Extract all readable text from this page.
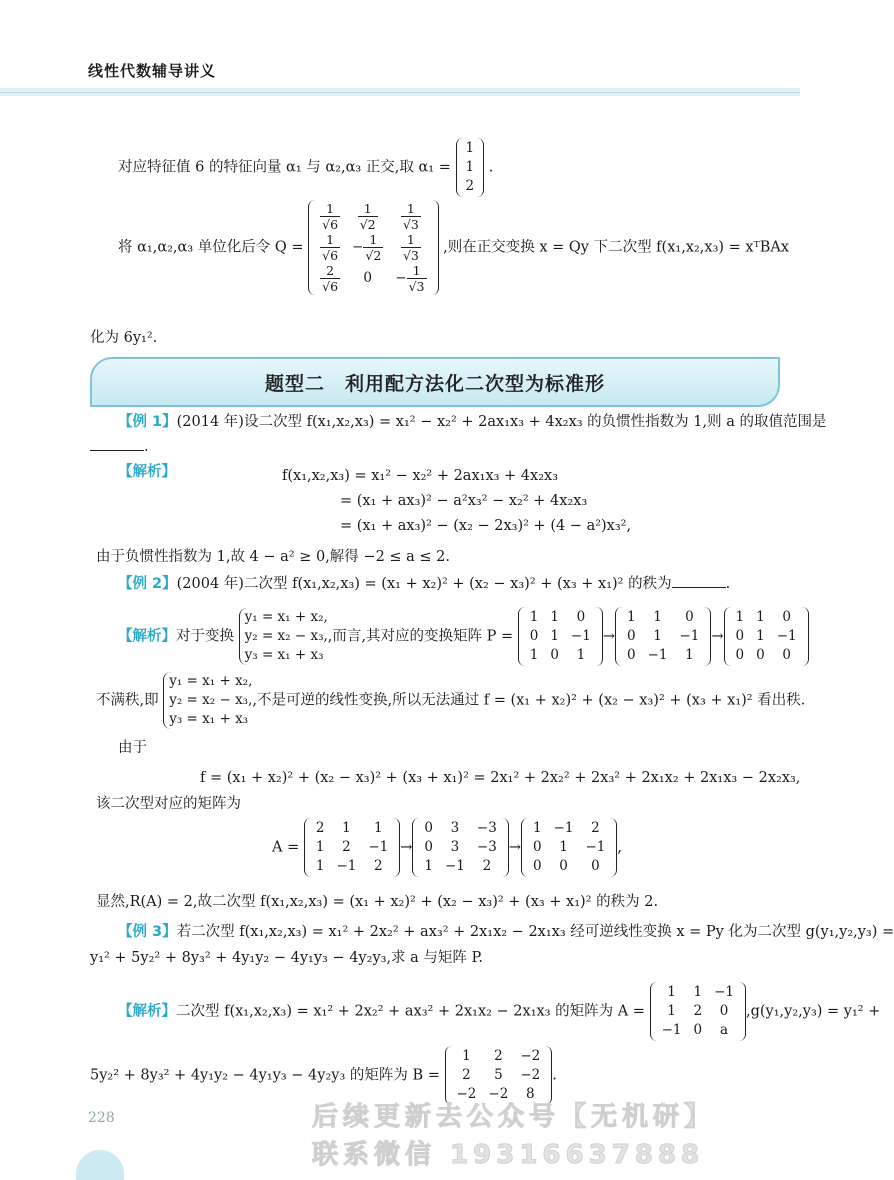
线性代数辅导讲义
对应特征值 6 的特征向量 α₁ 与 α₂,α₃ 正交,取 α₁ =
1
1
2
.
将 α₁,α₂,α₃ 单位化后令 Q =
$\frac{1}{√6}$	$\frac{1}{√2}$	$\frac{1}{√3}$

$\frac{1}{√6}$	− $\frac{1}{√2}$	$\frac{1}{√3}$

$\frac{2}{√6}$	0	− $\frac{1}{√3}$
,则在正交变换 x = Qy 下二次型 f(x₁,x₂,x₃) = xᵀBAx
化为 6y₁².
题型二　利用配方法化二次型为标准形
【例 1】(2014 年)设二次型 f(x₁,x₂,x₃) = x₁² − x₂² + 2ax₁x₃ + 4x₂x₃ 的负惯性指数为 1,则 a 的取值范围是
.
【解析】	f(x₁,x₂,x₃) = x₁² − x₂² + 2ax₁x₃ + 4x₂x₃
= (x₁ + ax₃)² − a²x₃² − x₂² + 4x₂x₃
= (x₁ + ax₃)² − (x₂ − 2x₃)² + (4 − a²)x₃²,
由于负惯性指数为 1,故 4 − a² ≥ 0,解得 −2 ≤ a ≤ 2.
【例 2】(2004 年)二次型 f(x₁,x₂,x₃) = (x₁ + x₂)² + (x₂ − x₃)² + (x₃ + x₁)² 的秩为	.
【解析】对于变换
y₁ = x₁ + x₂,
y₂ = x₂ − x₃,
y₃ = x₁ + x₃
,而言,其对应的变换矩阵 P =
1	1	0
0	1	−1
1	0	1
→
1	1	0
0	1	−1
0	−1	1
→
1	1	0
0	1	−1
0	0	0
不满秩,即
y₁ = x₁ + x₂,
y₂ = x₂ − x₃,
y₃ = x₁ + x₃
,不是可逆的线性变换,所以无法通过 f = (x₁ + x₂)² + (x₂ − x₃)² + (x₃ + x₁)² 看出秩.
由于
f = (x₁ + x₂)² + (x₂ − x₃)² + (x₃ + x₁)² = 2x₁² + 2x₂² + 2x₃² + 2x₁x₂ + 2x₁x₃ − 2x₂x₃,
该二次型对应的矩阵为
A =
2	1	1
1	2	−1
1	−1	2
→
0	3	−3
0	3	−3
1	−1	2
→
1	−1	2
0	1	−1
0	0	0
,
显然,R(A) = 2,故二次型 f(x₁,x₂,x₃) = (x₁ + x₂)² + (x₂ − x₃)² + (x₃ + x₁)² 的秩为 2.
【例 3】若二次型 f(x₁,x₂,x₃) = x₁² + 2x₂² + ax₃² + 2x₁x₂ − 2x₁x₃ 经可逆线性变换 x = Py 化为二次型 g(y₁,y₂,y₃) =
y₁² + 5y₂² + 8y₃² + 4y₁y₂ − 4y₁y₃ − 4y₂y₃,求 a 与矩阵 P.
【解析】二次型 f(x₁,x₂,x₃) = x₁² + 2x₂² + ax₃² + 2x₁x₂ − 2x₁x₃ 的矩阵为 A =
1	1	−1
1	2	0
−1	0	a
,g(y₁,y₂,y₃) = y₁² +
5y₂² + 8y₃² + 4y₁y₂ − 4y₁y₃ − 4y₂y₃ 的矩阵为 B =
1	2	−2
2	5	−2
−2	−2	8
.
228	后续更新去公众号【无机研】
联系微信 19316637888
